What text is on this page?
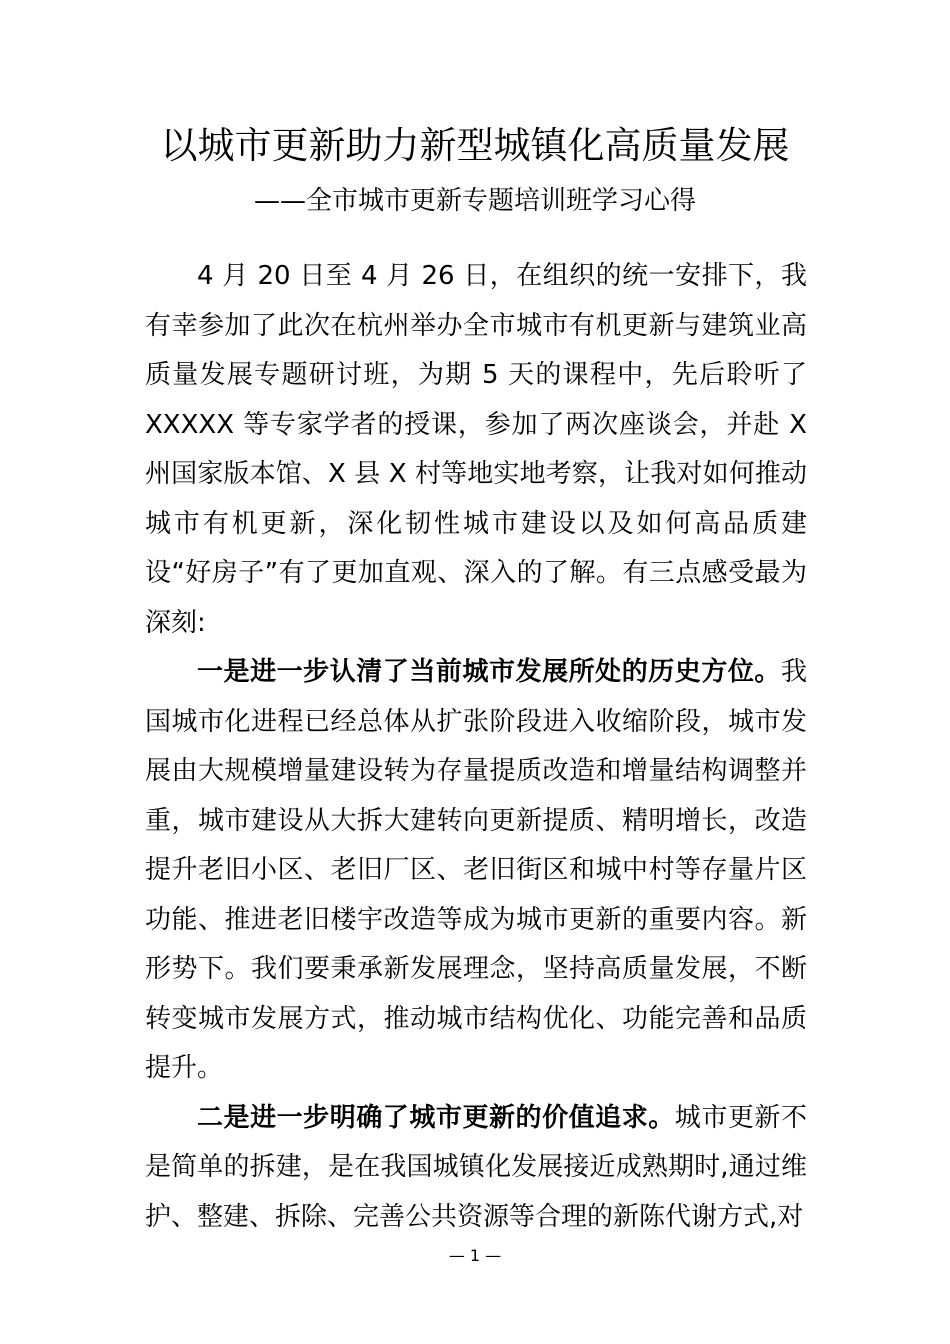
以城市更新助力新型城镇化高质量发展
——全市城市更新专题培训班学习心得

4 月 20 日至 4 月 26 日，在组织的统一安排下，我有幸参加了此次在杭州举办全市城市有机更新与建筑业高质量发展专题研讨班，为期 5 天的课程中，先后聆听了XXXXX 等专家学者的授课，参加了两次座谈会，并赴 X 州国家版本馆、X 县 X 村等地实地考察，让我对如何推动城市有机更新，深化韧性城市建设以及如何高品质建设“好房子”有了更加直观、深入的了解。有三点感受最为深刻:

一是进一步认清了当前城市发展所处的历史方位。我国城市化进程已经总体从扩张阶段进入收缩阶段，城市发展由大规模增量建设转为存量提质改造和增量结构调整并重，城市建设从大拆大建转向更新提质、精明增长，改造提升老旧小区、老旧厂区、老旧街区和城中村等存量片区功能、推进老旧楼宇改造等成为城市更新的重要内容。新形势下。我们要秉承新发展理念，坚持高质量发展，不断转变城市发展方式，推动城市结构优化、功能完善和品质提升。

二是进一步明确了城市更新的价值追求。城市更新不是简单的拆建，是在我国城镇化发展接近成熟期时,通过维护、整建、拆除、完善公共资源等合理的新陈代谢方式,对

— 1 —
